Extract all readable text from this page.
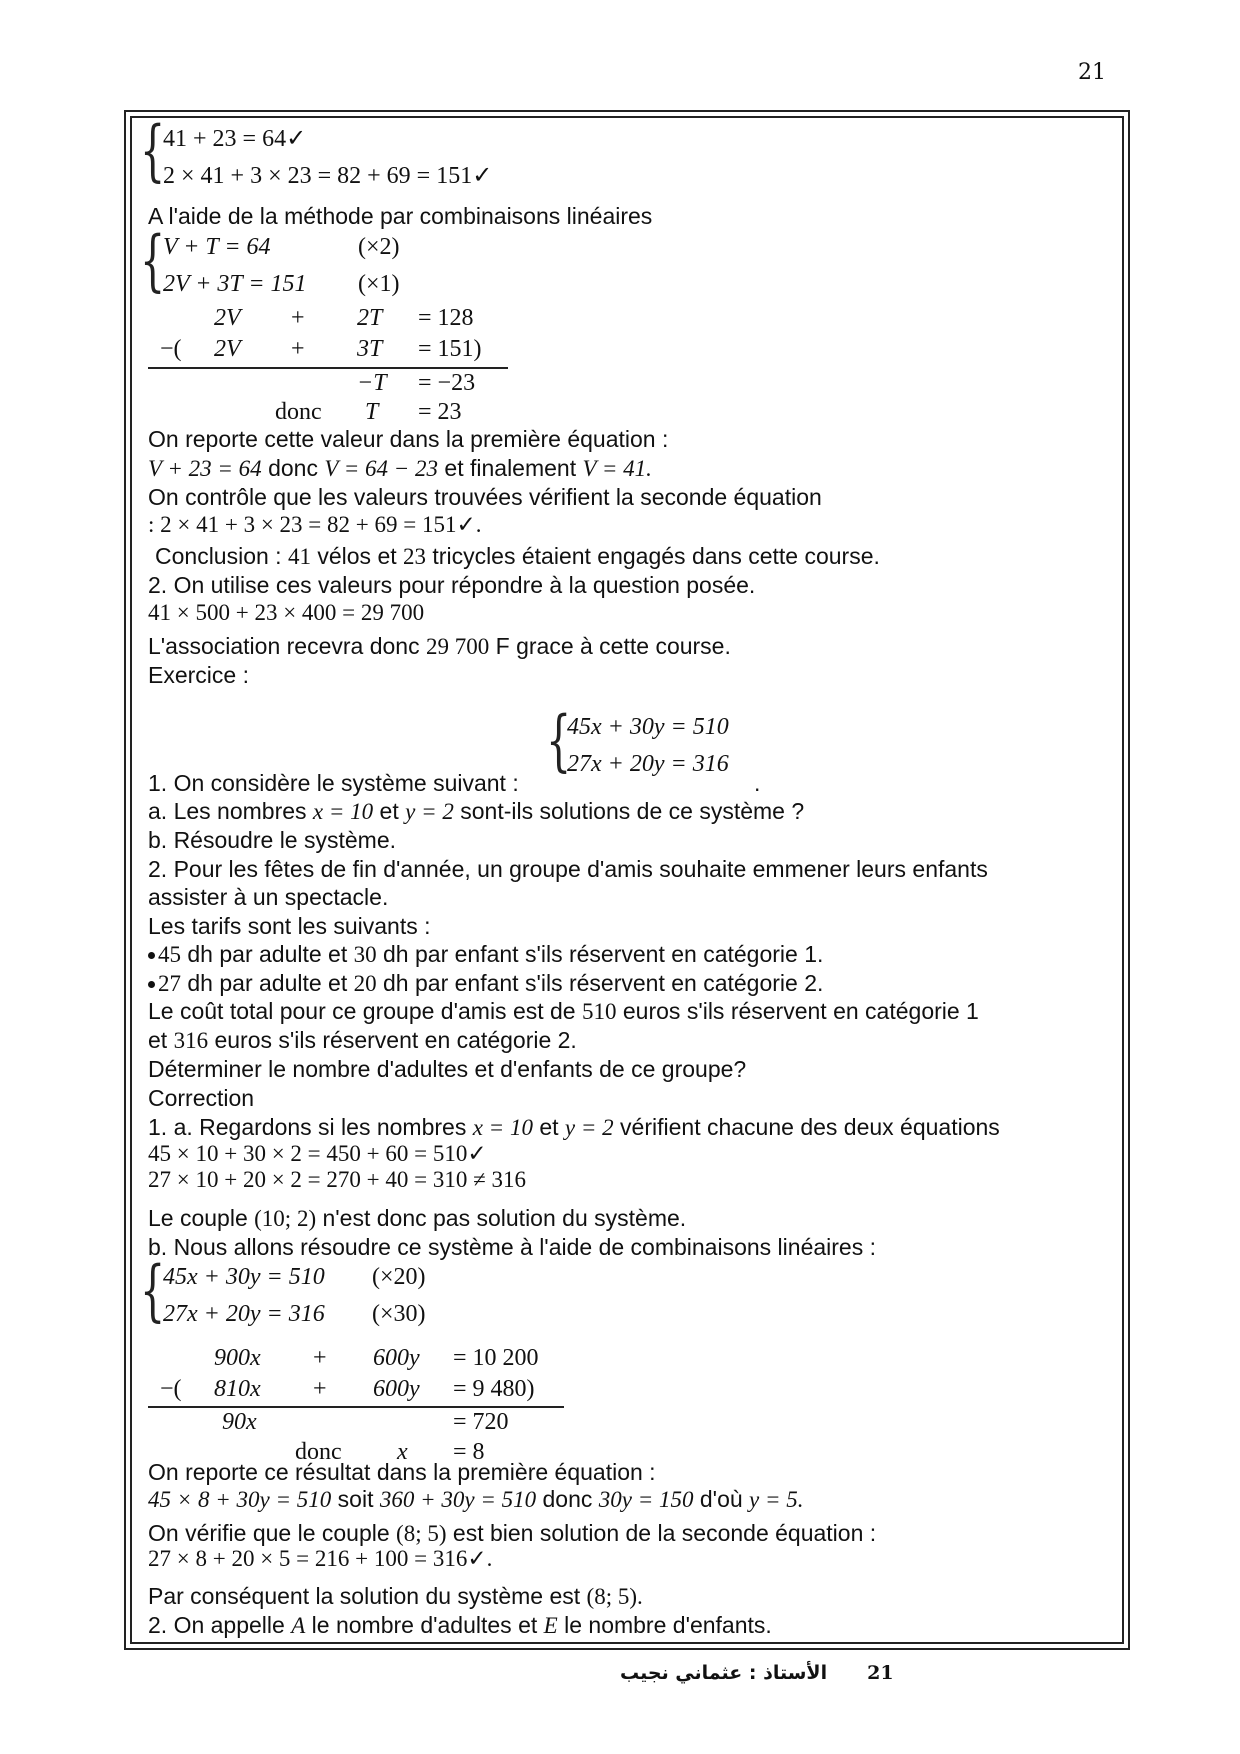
21
{
41 + 23 = 64✓
2 × 41 + 3 × 23 = 82 + 69 = 151✓
A l'aide de la méthode par combinaisons linéaires
{
V + T = 64	(×2)
2V + 3T = 151 (×1)
2V + 2T = 128
−( 2V + 3T = 151)
−T = −23
donc T = 23
On reporte cette valeur dans la première équation :
V + 23 = 64 donc V = 64 − 23 et finalement V = 41.
On contrôle que les valeurs trouvées vérifient la seconde équation
: 2 × 41 + 3 × 23 = 82 + 69 = 151✓.
Conclusion : 41 vélos et 23 tricycles étaient engagés dans cette course.
2. On utilise ces valeurs pour répondre à la question posée.
41 × 500 + 23 × 400 = 29 700
L'association recevra donc 29 700 F grace à cette course.
Exercice :
{
45x + 30y = 510
27x + 20y = 316
1. On considère le système suivant :	.
a. Les nombres x = 10 et y = 2 sont-ils solutions de ce système ?
b. Résoudre le système.
2. Pour les fêtes de fin d'année, un groupe d'amis souhaite emmener leurs enfants
assister à un spectacle.
Les tarifs sont les suivants :
45 dh par adulte et 30 dh par enfant s'ils réservent en catégorie 1.
27 dh par adulte et 20 dh par enfant s'ils réservent en catégorie 2.
Le coût total pour ce groupe d'amis est de 510 euros s'ils réservent en catégorie 1
et 316 euros s'ils réservent en catégorie 2.
Déterminer le nombre d'adultes et d'enfants de ce groupe?
Correction
1. a. Regardons si les nombres x = 10 et y = 2 vérifient chacune des deux équations
45 × 10 + 30 × 2 = 450 + 60 = 510✓
27 × 10 + 20 × 2 = 270 + 40 = 310 ≠ 316
Le couple (10; 2) n'est donc pas solution du système.
b. Nous allons résoudre ce système à l'aide de combinaisons linéaires :
{
45x + 30y = 510 (×20)
27x + 20y = 316 (×30)
900x + 600y = 10 200
−( 810x + 600y = 9 480)
90x	= 720
donc x = 8
On reporte ce résultat dans la première équation :
45 × 8 + 30y = 510 soit 360 + 30y = 510 donc 30y = 150 d'où y = 5.
On vérifie que le couple (8; 5) est bien solution de la seconde équation :
27 × 8 + 20 × 5 = 216 + 100 = 316✓.
Par conséquent la solution du système est (8; 5).
2. On appelle A le nombre d'adultes et E le nombre d'enfants.
الأستاذ : عثماني نجيب 21
